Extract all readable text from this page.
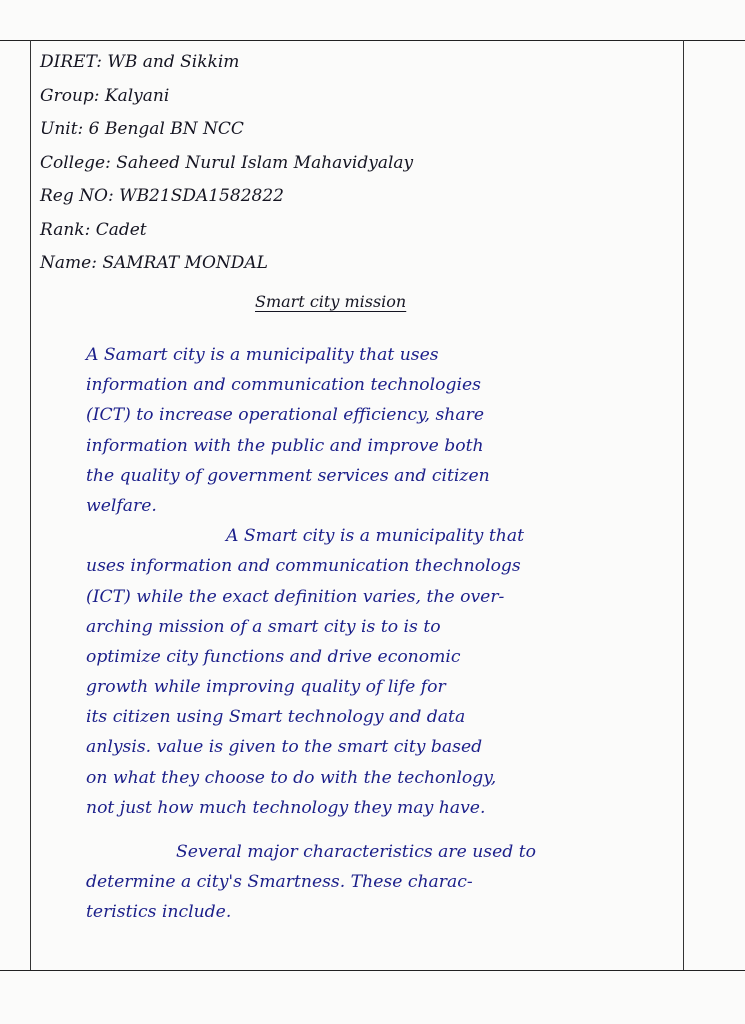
DIRET: WB and Sikkim
Group: Kalyani
Unit: 6 Bengal BN NCC
College: Saheed Nurul Islam Mahavidyalay
Reg NO: WB21SDA1582822
Rank: Cadet
Name: SAMRAT MONDAL
Smart city mission
A Samart city is a municipality that uses
information and communication technologies
(ICT) to increase operational efficiency, share
information with the public and improve both
the quality of government services and citizen
welfare.
A Smart city is a municipality that
uses information and communication thechnologs
(ICT) while the exact definition varies, the over-
arching mission of a smart city is to is to
optimize city functions and drive economic
growth while improving quality of life for
its citizen using Smart technology and data
anlysis. value is given to the smart city based
on what they choose to do with the techonlogy,
not just how much technology they may have.
Several major characteristics are used to
determine a city's Smartness. These charac-
teristics include.
